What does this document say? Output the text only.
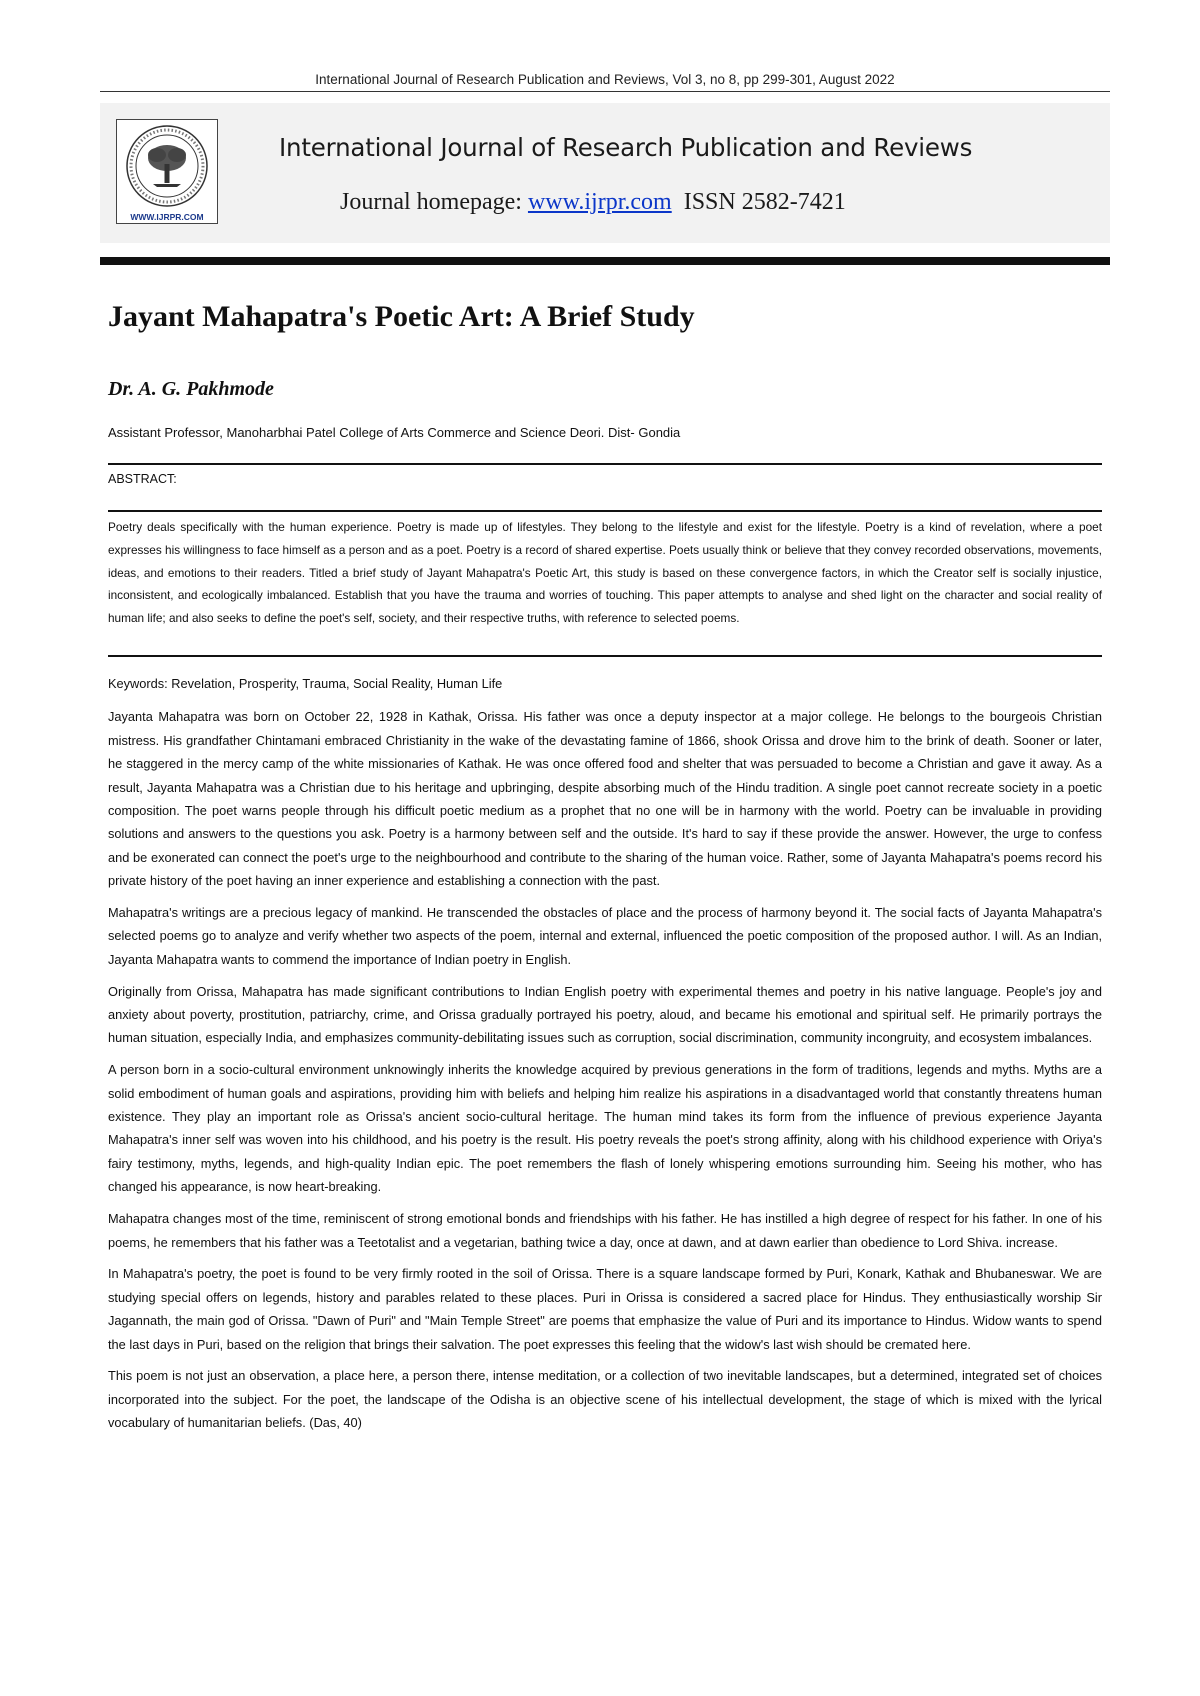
International Journal of Research Publication and Reviews, Vol 3, no 8, pp 299-301, August 2022
WWW.IJRPR.COM
International Journal of Research Publication and Reviews
Journal homepage: www.ijrpr.com ISSN 2582-7421
Jayant Mahapatra's Poetic Art: A Brief Study
Dr. A. G. Pakhmode
Assistant Professor, Manoharbhai Patel College of Arts Commerce and Science Deori. Dist- Gondia
ABSTRACT:

Poetry deals specifically with the human experience. Poetry is made up of lifestyles. They belong to the lifestyle and exist for the lifestyle. Poetry is a kind of revelation, where a poet expresses his willingness to face himself as a person and as a poet. Poetry is a record of shared expertise. Poets usually think or believe that they convey recorded observations, movements, ideas, and emotions to their readers. Titled a brief study of Jayant Mahapatra's Poetic Art, this study is based on these convergence factors, in which the Creator self is socially injustice, inconsistent, and ecologically imbalanced. Establish that you have the trauma and worries of touching. This paper attempts to analyse and shed light on the character and social reality of human life; and also seeks to define the poet's self, society, and their respective truths, with reference to selected poems.

Keywords: Revelation, Prosperity, Trauma, Social Reality, Human Life

Jayanta Mahapatra was born on October 22, 1928 in Kathak, Orissa. His father was once a deputy inspector at a major college. He belongs to the bourgeois Christian mistress. His grandfather Chintamani embraced Christianity in the wake of the devastating famine of 1866, shook Orissa and drove him to the brink of death. Sooner or later, he staggered in the mercy camp of the white missionaries of Kathak. He was once offered food and shelter that was persuaded to become a Christian and gave it away. As a result, Jayanta Mahapatra was a Christian due to his heritage and upbringing, despite absorbing much of the Hindu tradition. A single poet cannot recreate society in a poetic composition. The poet warns people through his difficult poetic medium as a prophet that no one will be in harmony with the world. Poetry can be invaluable in providing solutions and answers to the questions you ask. Poetry is a harmony between self and the outside. It's hard to say if these provide the answer. However, the urge to confess and be exonerated can connect the poet's urge to the neighbourhood and contribute to the sharing of the human voice. Rather, some of Jayanta Mahapatra's poems record his private history of the poet having an inner experience and establishing a connection with the past.

Mahapatra's writings are a precious legacy of mankind. He transcended the obstacles of place and the process of harmony beyond it. The social facts of Jayanta Mahapatra's selected poems go to analyze and verify whether two aspects of the poem, internal and external, influenced the poetic composition of the proposed author. I will. As an Indian, Jayanta Mahapatra wants to commend the importance of Indian poetry in English.

Originally from Orissa, Mahapatra has made significant contributions to Indian English poetry with experimental themes and poetry in his native language. People's joy and anxiety about poverty, prostitution, patriarchy, crime, and Orissa gradually portrayed his poetry, aloud, and became his emotional and spiritual self. He primarily portrays the human situation, especially India, and emphasizes community-debilitating issues such as corruption, social discrimination, community incongruity, and ecosystem imbalances.

A person born in a socio-cultural environment unknowingly inherits the knowledge acquired by previous generations in the form of traditions, legends and myths. Myths are a solid embodiment of human goals and aspirations, providing him with beliefs and helping him realize his aspirations in a disadvantaged world that constantly threatens human existence. They play an important role as Orissa's ancient socio-cultural heritage. The human mind takes its form from the influence of previous experience Jayanta Mahapatra's inner self was woven into his childhood, and his poetry is the result. His poetry reveals the poet's strong affinity, along with his childhood experience with Oriya's fairy testimony, myths, legends, and high-quality Indian epic. The poet remembers the flash of lonely whispering emotions surrounding him. Seeing his mother, who has changed his appearance, is now heart-breaking.

Mahapatra changes most of the time, reminiscent of strong emotional bonds and friendships with his father. He has instilled a high degree of respect for his father. In one of his poems, he remembers that his father was a Teetotalist and a vegetarian, bathing twice a day, once at dawn, and at dawn earlier than obedience to Lord Shiva. increase.

In Mahapatra's poetry, the poet is found to be very firmly rooted in the soil of Orissa. There is a square landscape formed by Puri, Konark, Kathak and Bhubaneswar. We are studying special offers on legends, history and parables related to these places. Puri in Orissa is considered a sacred place for Hindus. They enthusiastically worship Sir Jagannath, the main god of Orissa. "Dawn of Puri" and "Main Temple Street" are poems that emphasize the value of Puri and its importance to Hindus. Widow wants to spend the last days in Puri, based on the religion that brings their salvation. The poet expresses this feeling that the widow's last wish should be cremated here.

This poem is not just an observation, a place here, a person there, intense meditation, or a collection of two inevitable landscapes, but a determined, integrated set of choices incorporated into the subject. For the poet, the landscape of the Odisha is an objective scene of his intellectual development, the stage of which is mixed with the lyrical vocabulary of humanitarian beliefs. (Das, 40)
